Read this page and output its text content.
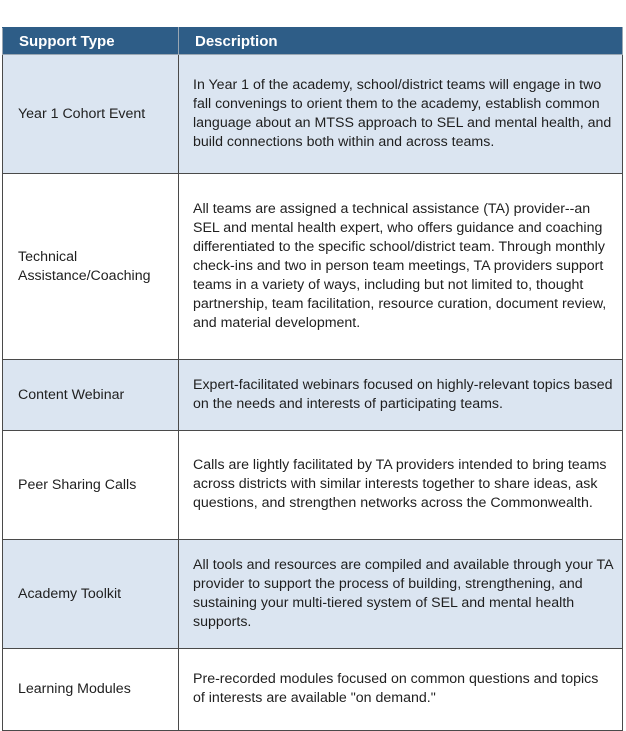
Support Type	Description
Year 1 Cohort Event	In Year 1 of the academy, school/district teams will engage in two fall convenings to orient them to the academy, establish common language about an MTSS approach to SEL and mental health, and build connections both within and across teams.
Technical Assistance/Coaching	All teams are assigned a technical assistance (TA) provider--an SEL and mental health expert, who offers guidance and coaching differentiated to the specific school/district team. Through monthly check-ins and two in person team meetings, TA providers support teams in a variety of ways, including but not limited to, thought partnership, team facilitation, resource curation, document review, and material development.
Content Webinar	Expert-facilitated webinars focused on highly-relevant topics based on the needs and interests of participating teams.
Peer Sharing Calls	Calls are lightly facilitated by TA providers intended to bring teams across districts with similar interests together to share ideas, ask questions, and strengthen networks across the Commonwealth.
Academy Toolkit	All tools and resources are compiled and available through your TA provider to support the process of building, strengthening, and sustaining your multi-tiered system of SEL and mental health supports.
Learning Modules	Pre-recorded modules focused on common questions and topics of interests are available "on demand."
